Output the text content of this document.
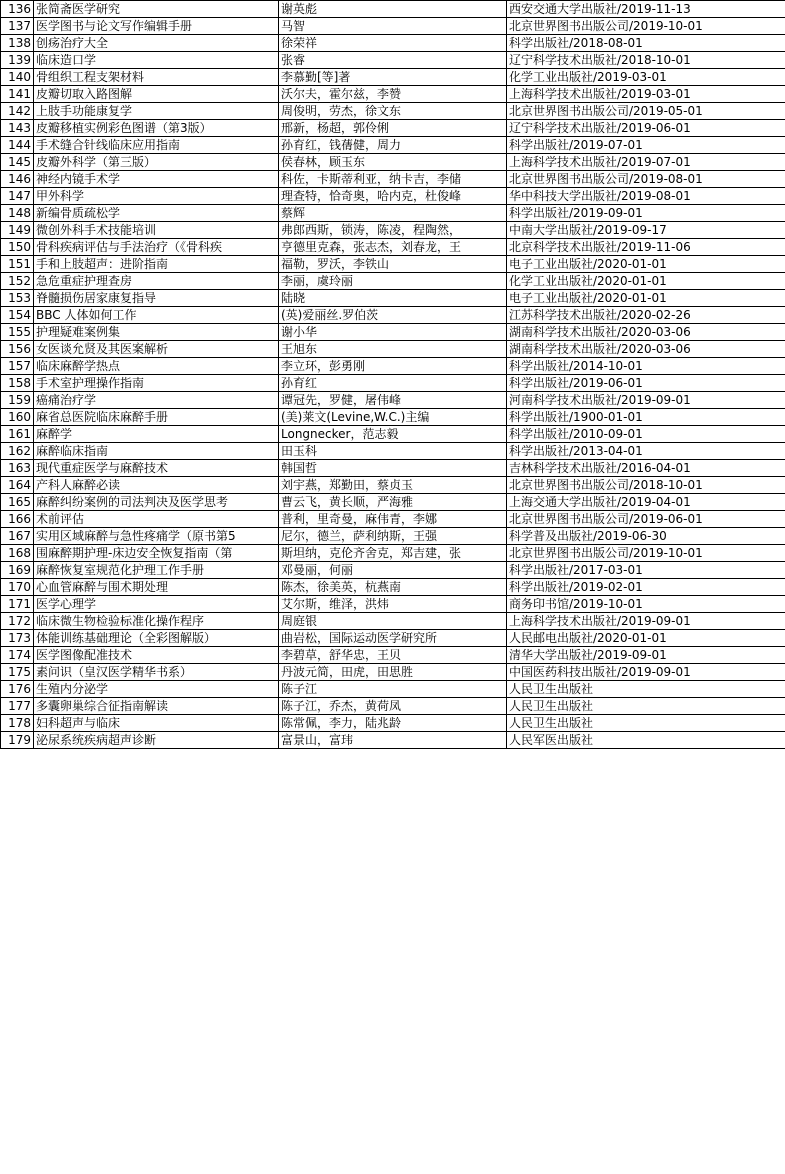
136	张简斋医学研究	谢英彪	西安交通大学出版社/2019-11-13
137	医学图书与论文写作编辑手册	马智	北京世界图书出版公司/2019-10-01
138	创疡治疗大全	徐荣祥	科学出版社/2018-08-01
139	临床造口学	张睿	辽宁科学技术出版社/2018-10-01
140	骨组织工程支架材料	李慕勤[等]著	化学工业出版社/2019-03-01
141	皮瓣切取入路图解	沃尔夫，霍尔兹，李赞	上海科学技术出版社/2019-03-01
142	上肢手功能康复学	周俊明，劳杰，徐文东	北京世界图书出版公司/2019-05-01
143	皮瓣移植实例彩色图谱（第3版）	邢新，杨超，郭伶俐	辽宁科学技术出版社/2019-06-01
144	手术缝合针线临床应用指南	孙育红，钱蒨健，周力	科学出版社/2019-07-01
145	皮瓣外科学（第三版）	侯春林，顾玉东	上海科学技术出版社/2019-07-01
146	神经内镜手术学	科佐，卡斯蒂利亚，纳卡吉，李储	北京世界图书出版公司/2019-08-01
147	甲外科学	理查特，恰奇奥，哈内克，杜俊峰	华中科技大学出版社/2019-08-01
148	新编骨质疏松学	蔡辉	科学出版社/2019-09-01
149	微创外科手术技能培训	弗郎西斯，锁涛，陈凌，程陶然，	中南大学出版社/2019-09-17
150	骨科疾病评估与手法治疗（《骨科疾	亨德里克森，张志杰，刘春龙，王	北京科学技术出版社/2019-11-06
151	手和上肢超声：进阶指南	福勒，罗沃，李铁山	电子工业出版社/2020-01-01
152	急危重症护理查房	李丽，虞玲丽	化学工业出版社/2020-01-01
153	脊髓损伤居家康复指导	陆晓	电子工业出版社/2020-01-01
154	BBC 人体如何工作	(英)爱丽丝.罗伯茨	江苏科学技术出版社/2020-02-26
155	护理疑难案例集	谢小华	湖南科学技术出版社/2020-03-06
156	女医谈允贤及其医案解析	王旭东	湖南科学技术出版社/2020-03-06
157	临床麻醉学热点	李立环，彭勇刚	科学出版社/2014-10-01
158	手术室护理操作指南	孙育红	科学出版社/2019-06-01
159	癌痛治疗学	谭冠先，罗健，屠伟峰	河南科学技术出版社/2019-09-01
160	麻省总医院临床麻醉手册	(美)莱文(Levine,W.C.)主编	科学出版社/1900-01-01
161	麻醉学	Longnecker，范志毅	科学出版社/2010-09-01
162	麻醉临床指南	田玉科	科学出版社/2013-04-01
163	现代重症医学与麻醉技术	韩国哲	吉林科学技术出版社/2016-04-01
164	产科人麻醉必读	刘宇燕，郑勤田，蔡贞玉	北京世界图书出版公司/2018-10-01
165	麻醉纠纷案例的司法判决及医学思考	曹云飞，黄长顺，严海雅	上海交通大学出版社/2019-04-01
166	术前评估	普利，里奇曼，麻伟青，李娜	北京世界图书出版公司/2019-06-01
167	实用区域麻醉与急性疼痛学（原书第5	尼尔，德兰，萨利纳斯，王强	科学普及出版社/2019-06-30
168	围麻醉期护理-床边安全恢复指南（第	斯坦纳，克伦齐舍克，郑吉建，张	北京世界图书出版公司/2019-10-01
169	麻醉恢复室规范化护理工作手册	邓曼丽，何丽	科学出版社/2017-03-01
170	心血管麻醉与围术期处理	陈杰，徐美英，杭燕南	科学出版社/2019-02-01
171	医学心理学	艾尔斯，维泽，洪炜	商务印书馆/2019-10-01
172	临床微生物检验标准化操作程序	周庭银	上海科学技术出版社/2019-09-01
173	体能训练基础理论（全彩图解版）	曲岩松，国际运动医学研究所	人民邮电出版社/2020-01-01
174	医学图像配准技术	李碧草，舒华忠，王贝	清华大学出版社/2019-09-01
175	素问识（皇汉医学精华书系）	丹波元简，田虎，田思胜	中国医药科技出版社/2019-09-01
176	生殖内分泌学	陈子江	人民卫生出版社
177	多囊卵巢综合征指南解读	陈子江，乔杰，黄荷凤	人民卫生出版社
178	妇科超声与临床	陈常佩，李力，陆兆龄	人民卫生出版社
179	泌尿系统疾病超声诊断	富景山，富玮	人民军医出版社
